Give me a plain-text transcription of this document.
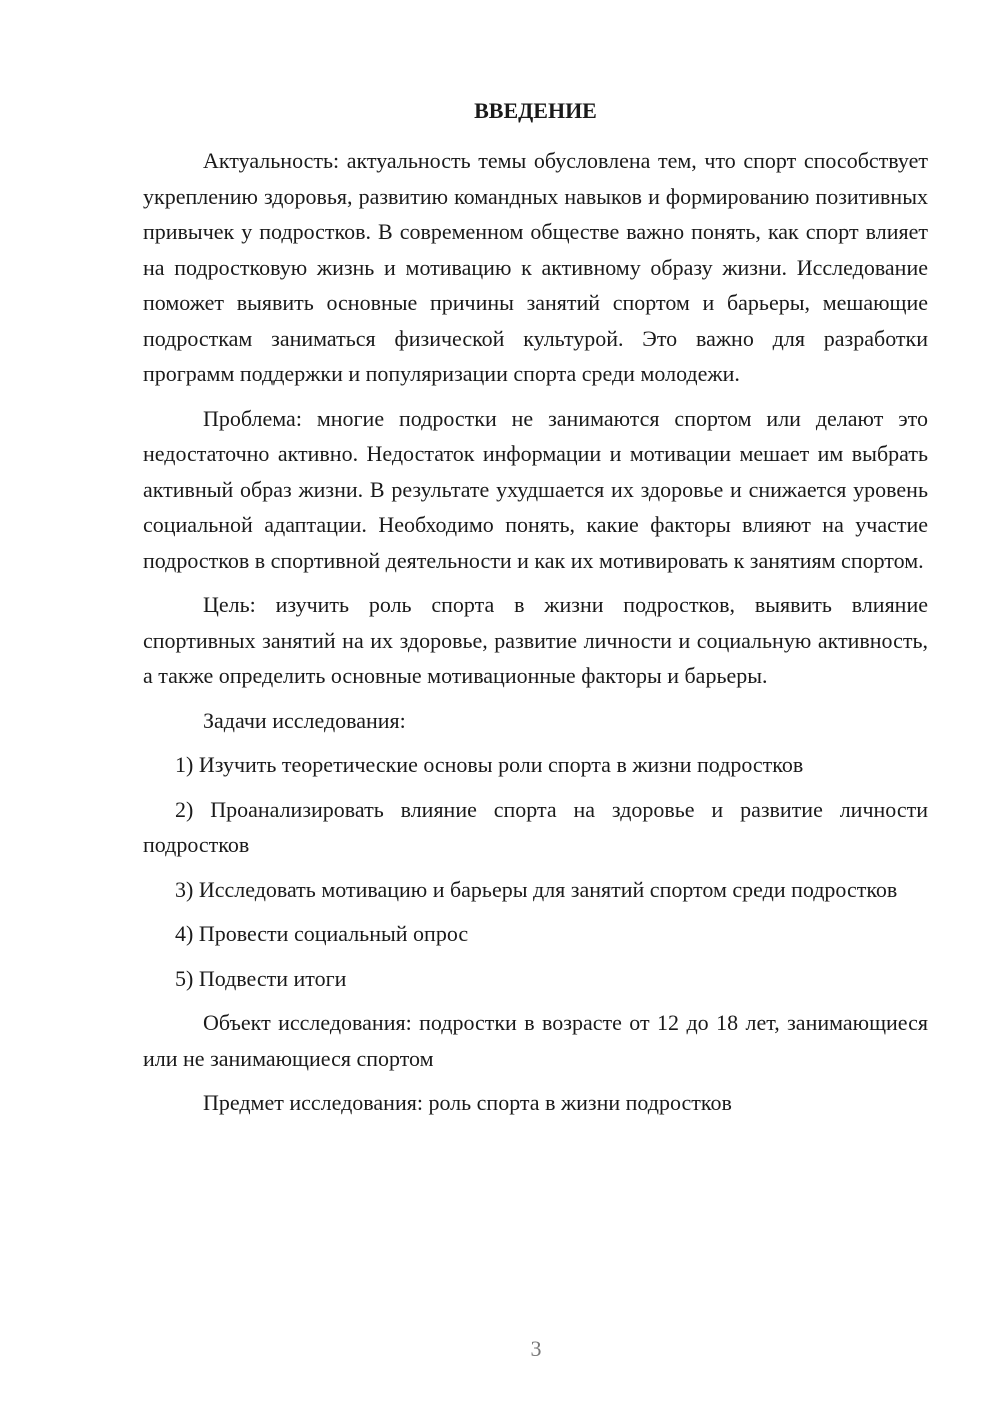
ВВЕДЕНИЕ

Актуальность: актуальность темы обусловлена тем, что спорт способствует укреплению здоровья, развитию командных навыков и формированию позитивных привычек у подростков. В современном обществе важно понять, как спорт влияет на подростковую жизнь и мотивацию к активному образу жизни. Исследование поможет выявить основные причины занятий спортом и барьеры, мешающие подросткам заниматься физической культурой. Это важно для разработки программ поддержки и популяризации спорта среди молодежи.

Проблема: многие подростки не занимаются спортом или делают это недостаточно активно. Недостаток информации и мотивации мешает им выбрать активный образ жизни. В результате ухудшается их здоровье и снижается уровень социальной адаптации. Необходимо понять, какие факторы влияют на участие подростков в спортивной деятельности и как их мотивировать к занятиям спортом.

Цель: изучить роль спорта в жизни подростков, выявить влияние спортивных занятий на их здоровье, развитие личности и социальную активность, а также определить основные мотивационные факторы и барьеры.

Задачи исследования:

1) Изучить теоретические основы роли спорта в жизни подростков

2) Проанализировать влияние спорта на здоровье и развитие личности подростков

3) Исследовать мотивацию и барьеры для занятий спортом среди подростков

4) Провести социальный опрос

5) Подвести итоги

Объект исследования: подростки в возрасте от 12 до 18 лет, занимающиеся или не занимающиеся спортом

Предмет исследования: роль спорта в жизни подростков

3
